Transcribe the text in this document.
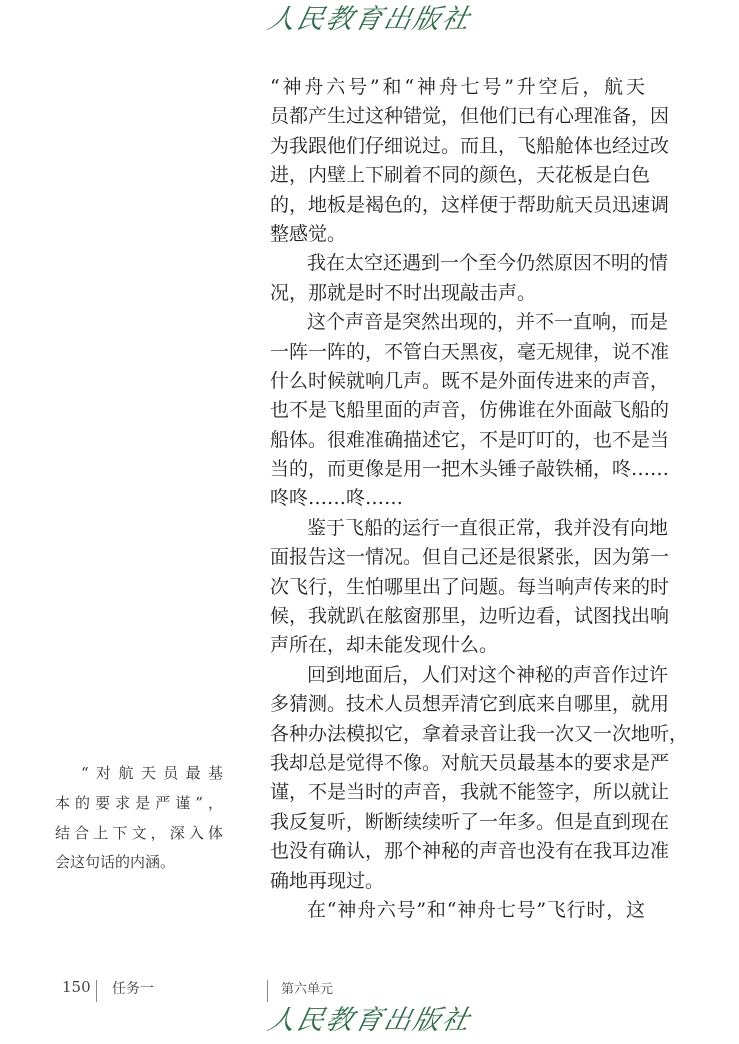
人民教育出版社
“神舟六号”和“神舟七号”升空后，航天
员都产生过这种错觉，但他们已有心理准备，因
为我跟他们仔细说过。而且，飞船舱体也经过改
进，内壁上下刷着不同的颜色，天花板是白色
的，地板是褐色的，这样便于帮助航天员迅速调
整感觉。
我在太空还遇到一个至今仍然原因不明的情
况，那就是时不时出现敲击声。
这个声音是突然出现的，并不一直响，而是
一阵一阵的，不管白天黑夜，毫无规律，说不准
什么时候就响几声。既不是外面传进来的声音，
也不是飞船里面的声音，仿佛谁在外面敲飞船的
船体。很难准确描述它，不是叮叮的，也不是当
当的，而更像是用一把木头锤子敲铁桶，咚……
咚咚……咚……
鉴于飞船的运行一直很正常，我并没有向地
面报告这一情况。但自己还是很紧张，因为第一
次飞行，生怕哪里出了问题。每当响声传来的时
候，我就趴在舷窗那里，边听边看，试图找出响
声所在，却未能发现什么。
回到地面后，人们对这个神秘的声音作过许
多猜测。技术人员想弄清它到底来自哪里，就用
各种办法模拟它，拿着录音让我一次又一次地听，
我却总是觉得不像。对航天员最基本的要求是严
谨，不是当时的声音，我就不能签字，所以就让
我反复听，断断续续听了一年多。但是直到现在
也没有确认，那个神秘的声音也没有在我耳边准
确地再现过。
在“神舟六号”和“神舟七号”飞行时，这
“对航天员最基
本的要求是严谨”，
结合上下文，深入体
会这句话的内涵。
150 任务一	第六单元
人民教育出版社
